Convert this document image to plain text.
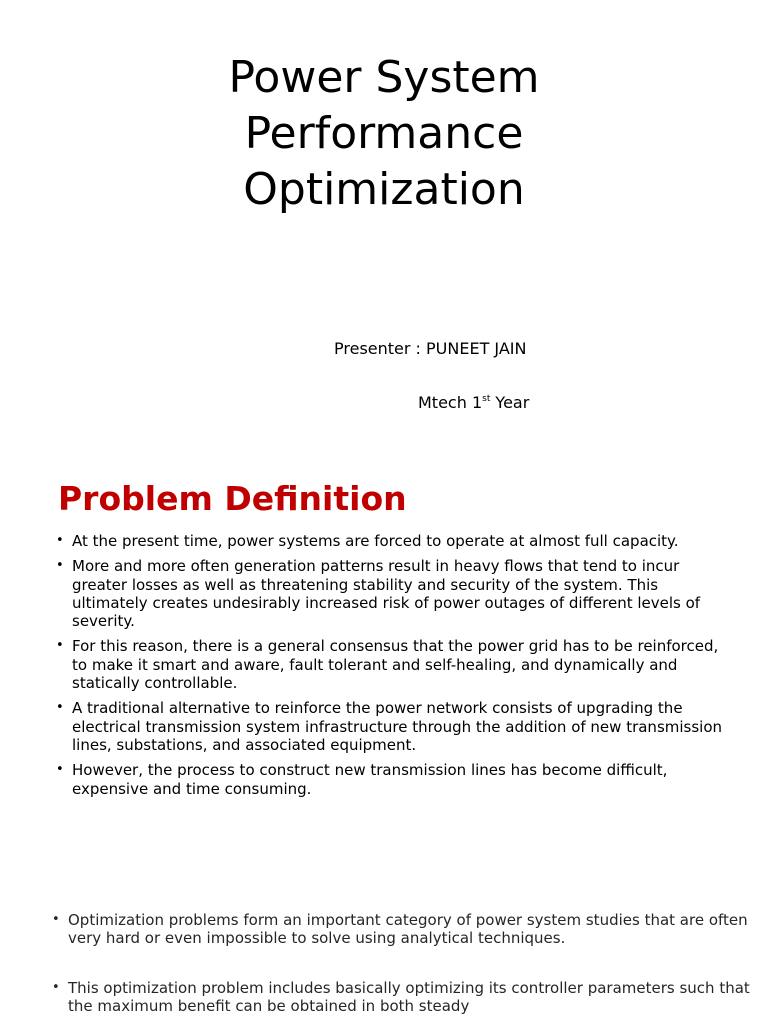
Power System
Performance
Optimization
Presenter : PUNEET JAIN
Mtech 1st Year
Problem Definition
• At the present time, power systems are forced to operate at almost full capacity.
• More and more often generation patterns result in heavy flows that tend to incur greater losses as well as threatening stability and security of the system. This ultimately creates undesirably increased risk of power outages of different levels of severity.
• For this reason, there is a general consensus that the power grid has to be reinforced, to make it smart and aware, fault tolerant and self-healing, and dynamically and statically controllable.
• A traditional alternative to reinforce the power network consists of upgrading the electrical transmission system infrastructure through the addition of new transmission lines, substations, and associated equipment.
• However, the process to construct new transmission lines has become difficult, expensive and time consuming.
• Optimization problems form an important category of power system studies that are often very hard or even impossible to solve using analytical techniques.
• This optimization problem includes basically optimizing its controller parameters such that the maximum benefit can be obtained in both steady
